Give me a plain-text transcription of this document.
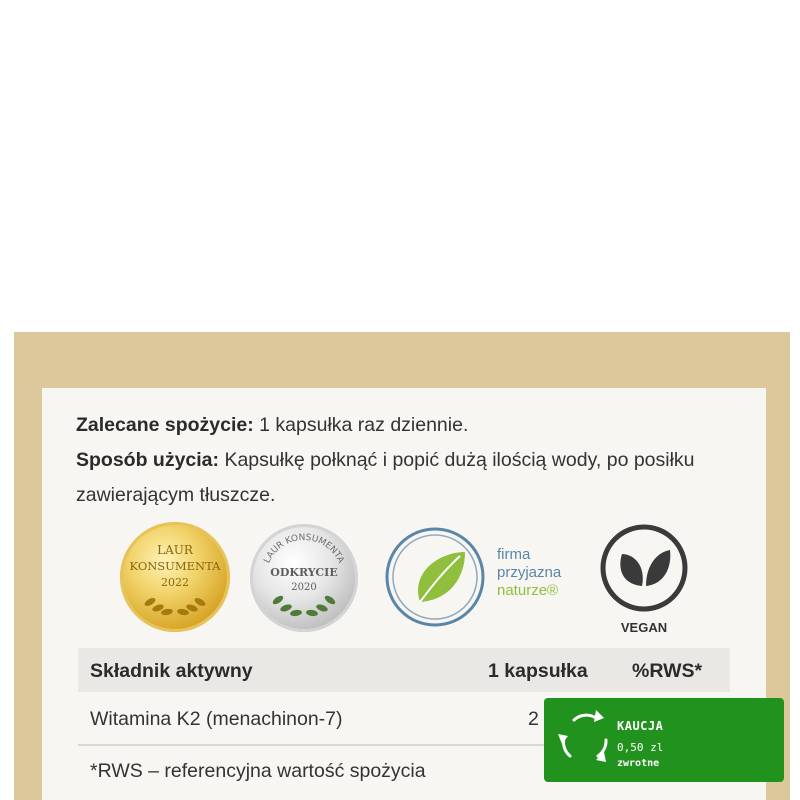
Zalecane spożycie: 1 kapsułka raz dziennie.
Sposób użycia: Kapsułkę połknąć i popić dużą ilością wody, po posiłku
zawierającym tłuszcze.
LAUR
KONSUMENTA
2022
LAUR KONSUMENTA
ODKRYCIE
2020
firma
przyjazna
naturze®
VEGAN
Składnik aktywny	1 kapsułka %RWS*
Witamina K2 (menachinon-7)	2
*RWS – referencyjna wartość spożycia
KAUCJA
0,50 zl
zwrotne
